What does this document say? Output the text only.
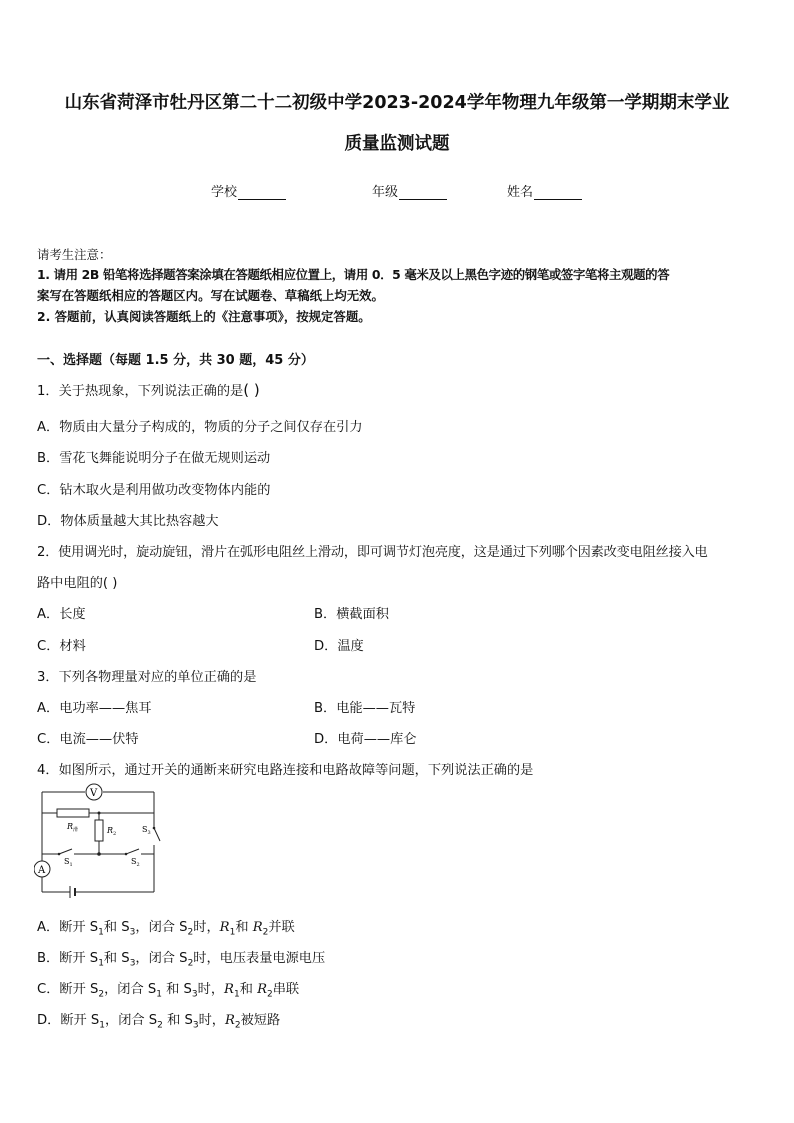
山东省菏泽市牡丹区第二十二初级中学2023-2024学年物理九年级第一学期期末学业
质量监测试题
学校	年级	姓名
请考生注意：
1. 请用 2B 铅笔将选择题答案涂填在答题纸相应位置上，请用 0．5 毫米及以上黑色字迹的钢笔或签字笔将主观题的答
案写在答题纸相应的答题区内。写在试题卷、草稿纸上均无效。
2. 答题前，认真阅读答题纸上的《注意事项》，按规定答题。
一、选择题（每题 1.5 分，共 30 题，45 分）
1．关于热现象，下列说法正确的是( )
A．物质由大量分子构成的，物质的分子之间仅存在引力
B．雪花飞舞能说明分子在做无规则运动
C．钻木取火是利用做功改变物体内能的
D．物体质量越大其比热容越大
2．使用调光时，旋动旋钮，滑片在弧形电阻丝上滑动，即可调节灯泡亮度，这是通过下列哪个因素改变电阻丝接入电
路中电阻的( )
A．长度	B．横截面积
C．材料	D．温度
3．下列各物理量对应的单位正确的是
A．电功率——焦耳	B．电能——瓦特
C．电流——伏特	D．电荷——库仑
4．如图所示，通过开关的通断来研究电路连接和电路故障等问题，下列说法正确的是
V
A
$R_滑$	$R_2$
$S_1$	$S_2$
$S_3$
A．断开 $S_1$和 $S_3$，闭合 $S_2$时，$R_1$和 $R_2$并联
B．断开 $S_1$和 $S_3$，闭合 $S_2$时，电压表量电源电压
C．断开 $S_2$，闭合 $S_1$ 和 $S_3$时，$R_1$和 $R_2$串联
D．断开 $S_1$，闭合 $S_2$ 和 $S_3$时，$R_2$被短路
